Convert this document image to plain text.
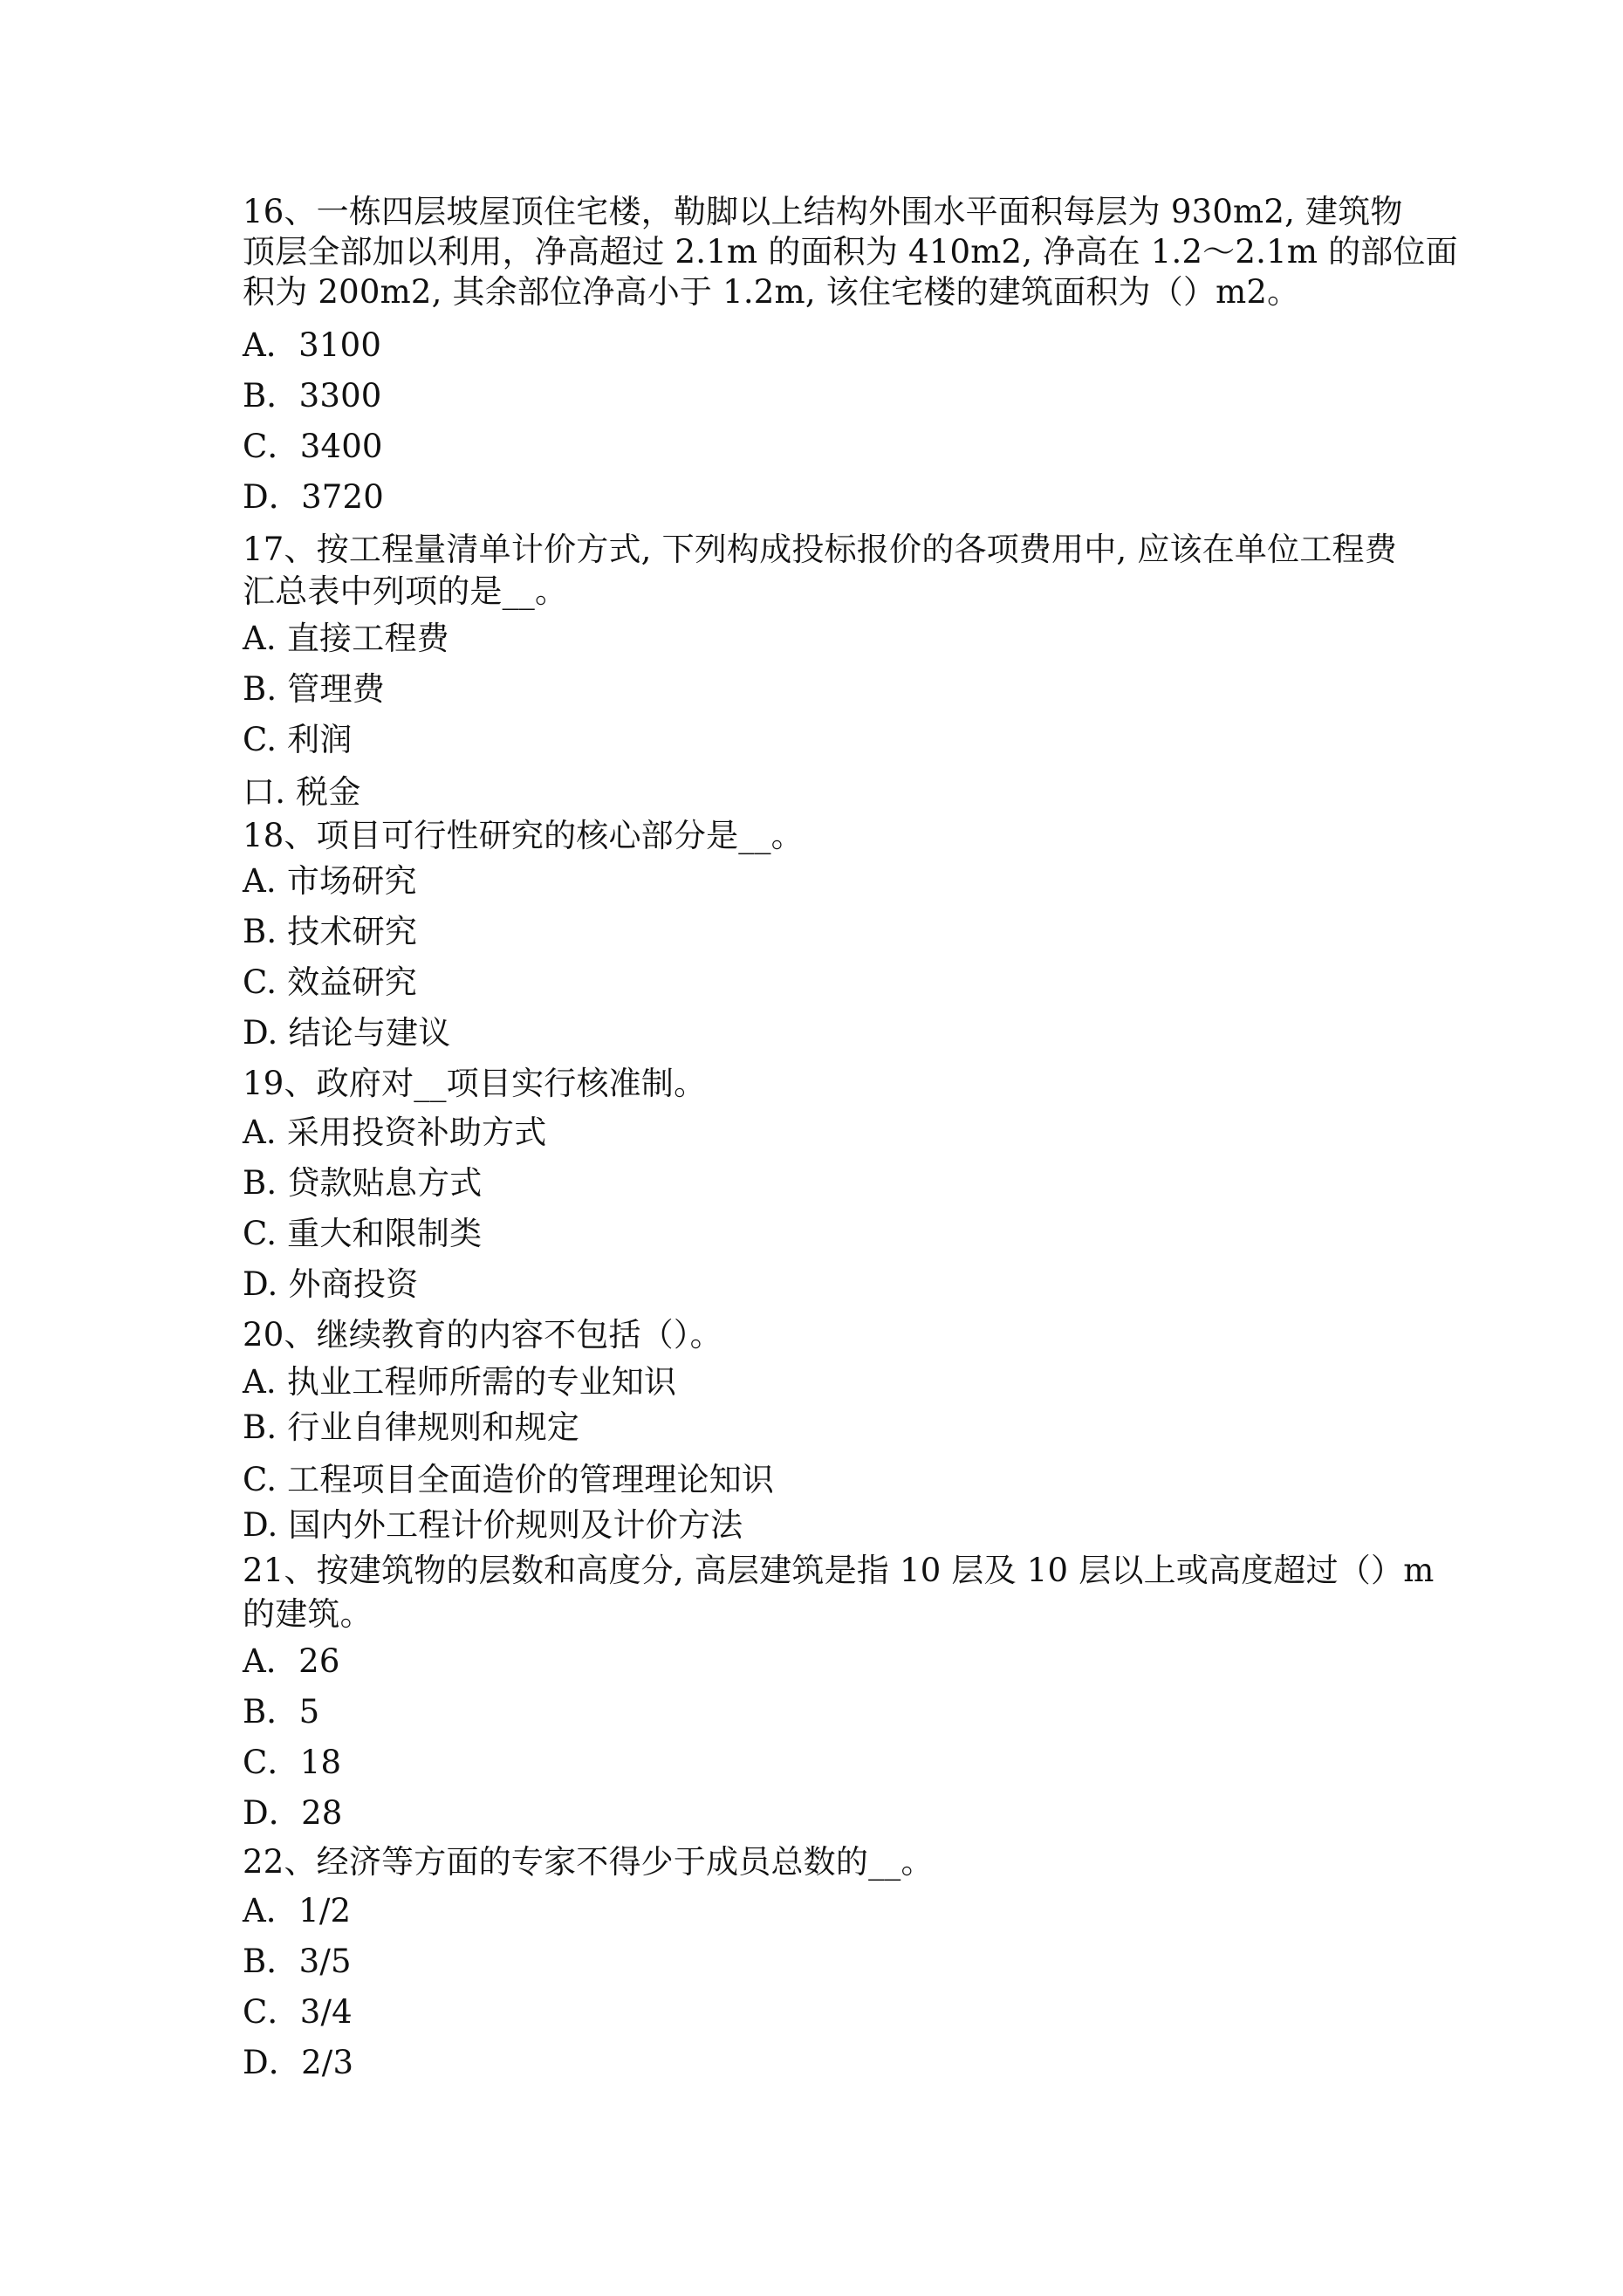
16、一栋四层坡屋顶住宅楼，勒脚以上结构外围水平面积每层为 930m2, 建筑物
顶层全部加以利用，净高超过 2.1m 的面积为 410m2, 净高在 1.2〜2.1m 的部位面
积为 200m2, 其余部位净高小于 1.2m, 该住宅楼的建筑面积为（）m2。
A．3100
B．3300
C．3400
D．3720
17、按工程量清单计价方式, 下列构成投标报价的各项费用中, 应该在单位工程费
汇总表中列项的是__。
A. 直接工程费
B. 管理费
C. 利润
口. 税金
18、项目可行性研究的核心部分是__。
A. 市场研究
B. 技术研究
C. 效益研究
D. 结论与建议
19、政府对__项目实行核准制。
A. 采用投资补助方式
B. 贷款贴息方式
C. 重大和限制类
D. 外商投资
20、继续教育的内容不包括（）。
A. 执业工程师所需的专业知识
B. 行业自律规则和规定
C. 工程项目全面造价的管理理论知识
D. 国内外工程计价规则及计价方法
21、按建筑物的层数和高度分, 高层建筑是指 10 层及 10 层以上或高度超过（）m
的建筑。
A．26
B．5
C．18
D．28
22、经济等方面的专家不得少于成员总数的__。
A．1/2
B．3/5
C．3/4
D．2/3
